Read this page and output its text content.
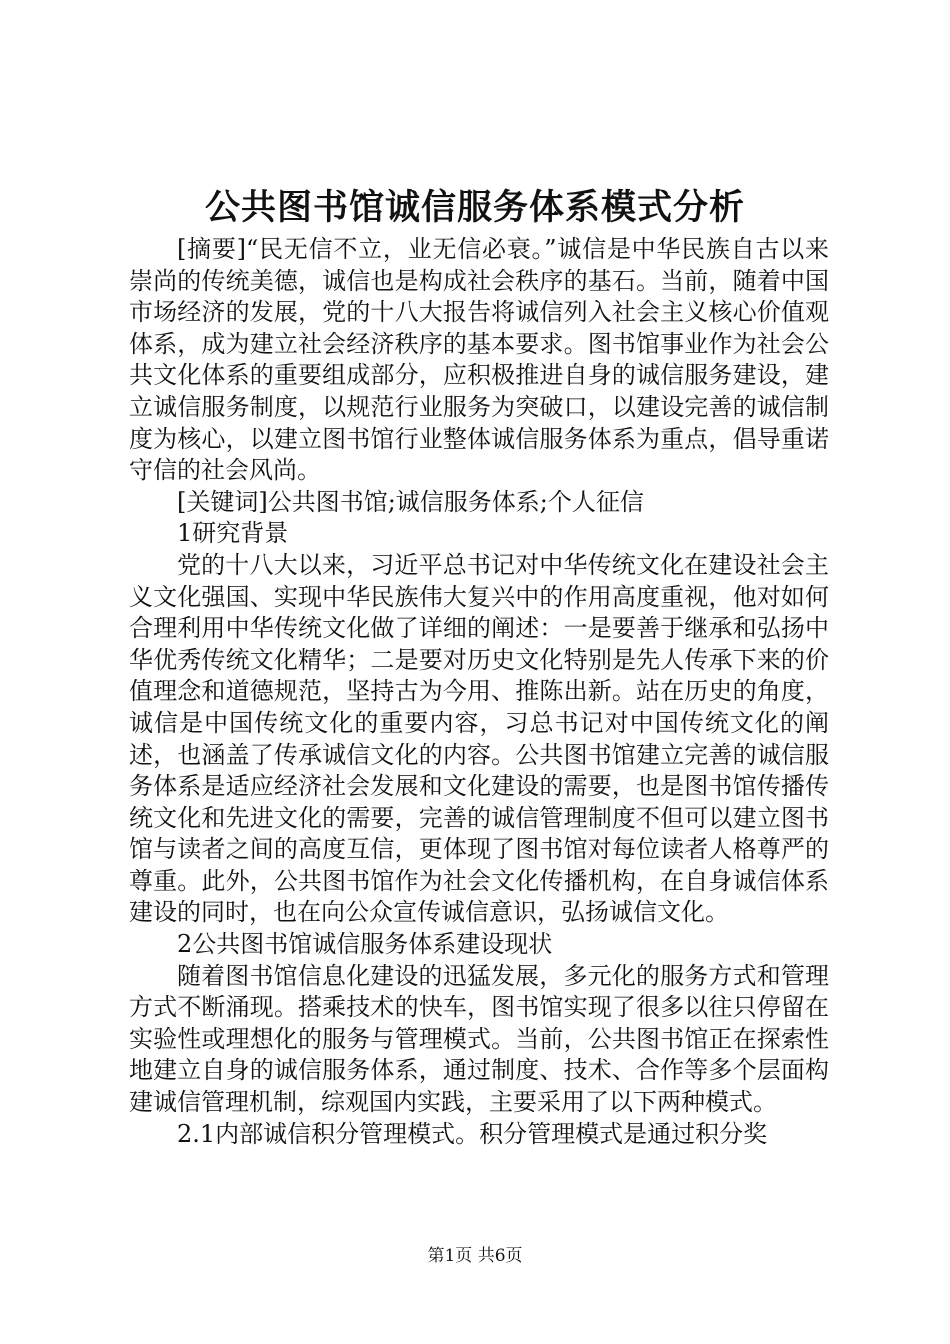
公共图书馆诚信服务体系模式分析

[摘要]“民无信不立，业无信必衰。”诚信是中华民族自古以来崇尚的传统美德，诚信也是构成社会秩序的基石。当前，随着中国市场经济的发展，党的十八大报告将诚信列入社会主义核心价值观体系，成为建立社会经济秩序的基本要求。图书馆事业作为社会公共文化体系的重要组成部分，应积极推进自身的诚信服务建设，建立诚信服务制度，以规范行业服务为突破口，以建设完善的诚信制度为核心，以建立图书馆行业整体诚信服务体系为重点，倡导重诺守信的社会风尚。

[关键词]公共图书馆;诚信服务体系;个人征信

1研究背景

党的十八大以来，习近平总书记对中华传统文化在建设社会主义文化强国、实现中华民族伟大复兴中的作用高度重视，他对如何合理利用中华传统文化做了详细的阐述：一是要善于继承和弘扬中华优秀传统文化精华；二是要对历史文化特别是先人传承下来的价值理念和道德规范，坚持古为今用、推陈出新。站在历史的角度，诚信是中国传统文化的重要内容，习总书记对中国传统文化的阐述，也涵盖了传承诚信文化的内容。公共图书馆建立完善的诚信服务体系是适应经济社会发展和文化建设的需要，也是图书馆传播传统文化和先进文化的需要，完善的诚信管理制度不但可以建立图书馆与读者之间的高度互信，更体现了图书馆对每位读者人格尊严的尊重。此外，公共图书馆作为社会文化传播机构，在自身诚信体系建设的同时，也在向公众宣传诚信意识，弘扬诚信文化。

2公共图书馆诚信服务体系建设现状

随着图书馆信息化建设的迅猛发展，多元化的服务方式和管理方式不断涌现。搭乘技术的快车，图书馆实现了很多以往只停留在实验性或理想化的服务与管理模式。当前，公共图书馆正在探索性地建立自身的诚信服务体系，通过制度、技术、合作等多个层面构建诚信管理机制，综观国内实践，主要采用了以下两种模式。

2.1内部诚信积分管理模式。积分管理模式是通过积分奖

第1页 共6页
